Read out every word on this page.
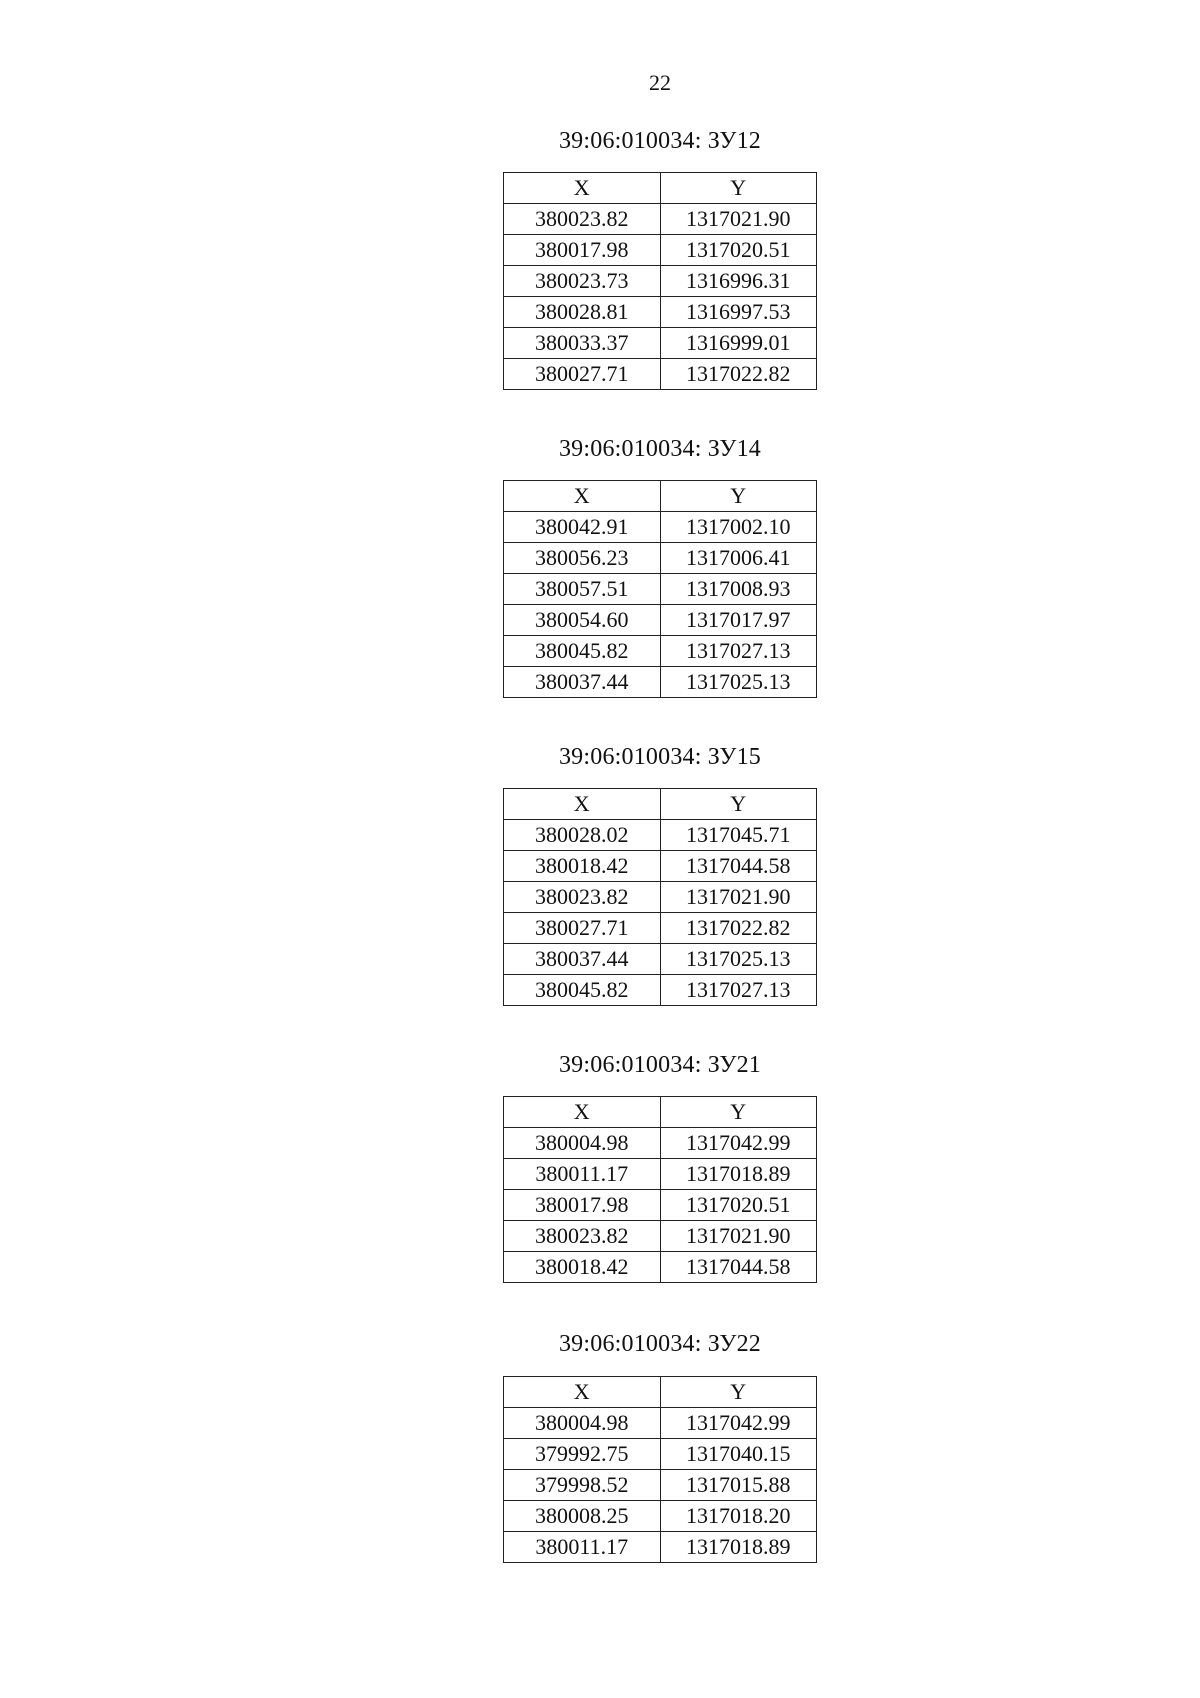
22
39:06:010034: ЗУ12
X	Y
380023.82	1317021.90
380017.98	1317020.51
380023.73	1316996.31
380028.81	1316997.53
380033.37	1316999.01
380027.71	1317022.82
39:06:010034: ЗУ14
X	Y
380042.91	1317002.10
380056.23	1317006.41
380057.51	1317008.93
380054.60	1317017.97
380045.82	1317027.13
380037.44	1317025.13
39:06:010034: ЗУ15
X	Y
380028.02	1317045.71
380018.42	1317044.58
380023.82	1317021.90
380027.71	1317022.82
380037.44	1317025.13
380045.82	1317027.13
39:06:010034: ЗУ21
X	Y
380004.98	1317042.99
380011.17	1317018.89
380017.98	1317020.51
380023.82	1317021.90
380018.42	1317044.58
39:06:010034: ЗУ22
X	Y
380004.98	1317042.99
379992.75	1317040.15
379998.52	1317015.88
380008.25	1317018.20
380011.17	1317018.89
